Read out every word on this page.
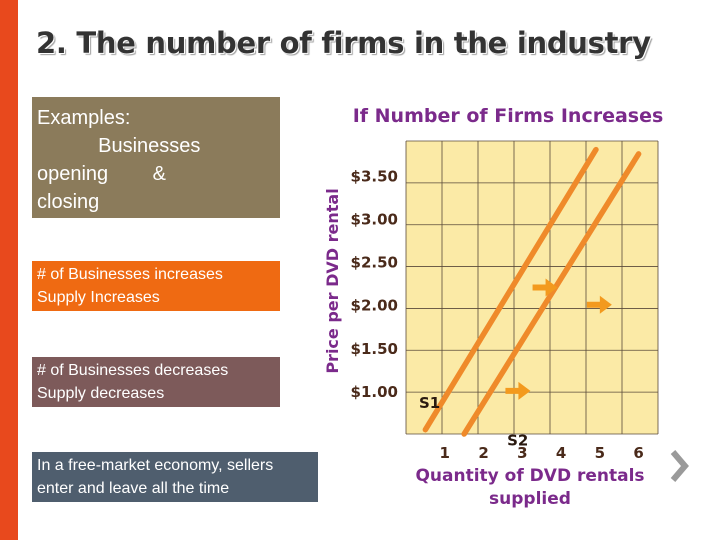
2. The number of firms in the industry
Examples:
Businesses
opening        &
closing
# of Businesses increases
Supply Increases
# of Businesses decreases
Supply decreases
In a free-market economy, sellers
enter and leave all the time
If Number of Firms Increases
$1.00
$1.50
$2.00
$2.50
$3.00
$3.50
1 2 3 4 5 6
S1
S2
Price per DVD rental
Quantity of DVD rentals
supplied
